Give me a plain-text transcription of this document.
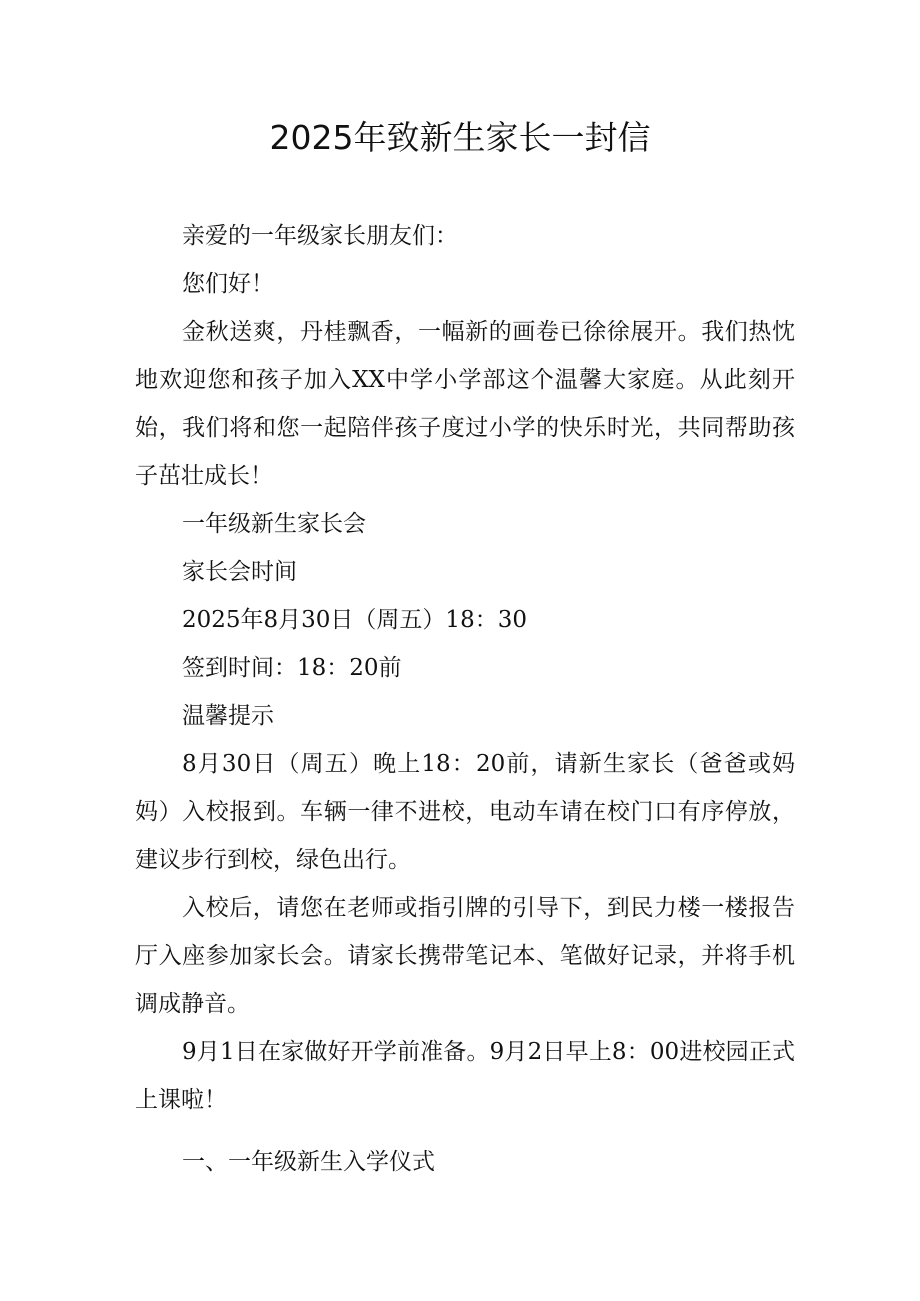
2025年致新生家长一封信

亲爱的一年级家长朋友们：

您们好！

金秋送爽，丹桂飘香，一幅新的画卷已徐徐展开。我们热忱地欢迎您和孩子加入XX中学小学部这个温馨大家庭。从此刻开始，我们将和您一起陪伴孩子度过小学的快乐时光，共同帮助孩子茁壮成长！

一年级新生家长会

家长会时间

2025年8月30日（周五）18：30

签到时间：18：20前

温馨提示

8月30日（周五）晚上18：20前，请新生家长（爸爸或妈妈）入校报到。车辆一律不进校，电动车请在校门口有序停放，建议步行到校，绿色出行。

入校后，请您在老师或指引牌的引导下，到民力楼一楼报告厅入座参加家长会。请家长携带笔记本、笔做好记录，并将手机调成静音。

9月1日在家做好开学前准备。9月2日早上8：00进校园正式上课啦！

一、一年级新生入学仪式
